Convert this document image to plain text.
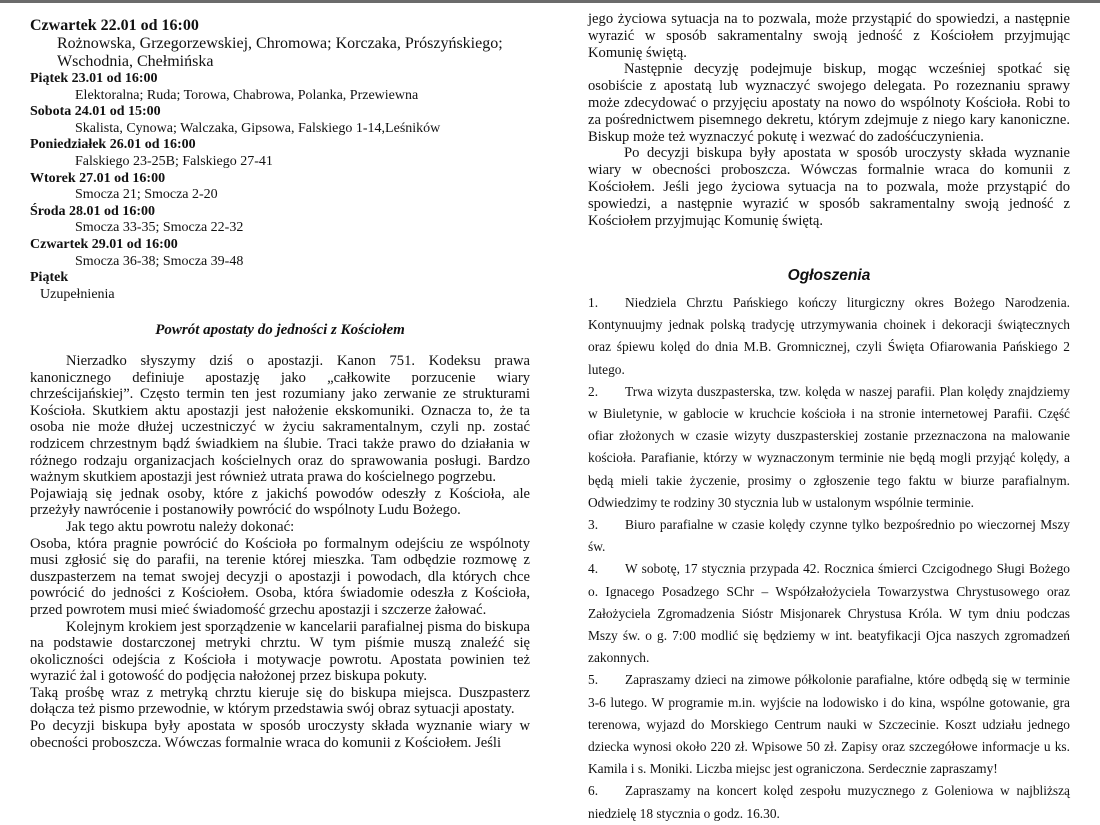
Czwartek 22.01 od 16:00
Rożnowska, Grzegorzewskiej, Chromowa; Korczaka, Prószyńskiego;
Wschodnia, Chełmińska
Piątek 23.01 od 16:00
Elektoralna; Ruda; Torowa, Chabrowa, Polanka, Przewiewna
Sobota 24.01 od 15:00
Skalista, Cynowa; Walczaka, Gipsowa, Falskiego 1-14,Leśników
Poniedziałek 26.01 od 16:00
Falskiego 23-25B; Falskiego 27-41
Wtorek 27.01 od 16:00
Smocza 21; Smocza 2-20
Środa 28.01 od 16:00
Smocza 33-35; Smocza 22-32
Czwartek 29.01 od 16:00
Smocza 36-38; Smocza 39-48
Piątek
Uzupełnienia
Powrót apostaty do jedności z Kościołem

Nierzadko słyszymy dziś o apostazji. Kanon 751. Kodeksu prawa kanonicznego definiuje apostazję jako „całkowite porzucenie wiary chrześcijańskiej”. Często termin ten jest rozumiany jako zerwanie ze strukturami Kościoła. Skutkiem aktu apostazji jest nałożenie ekskomuniki. Oznacza to, że ta osoba nie może dłużej uczestniczyć w życiu sakramentalnym, czyli np. zostać rodzicem chrzestnym bądź świadkiem na ślubie. Traci także prawo do działania w różnego rodzaju organizacjach kościelnych oraz do sprawowania posługi. Bardzo ważnym skutkiem apostazji jest również utrata prawa do kościelnego pogrzebu.

Pojawiają się jednak osoby, które z jakichś powodów odeszły z Kościoła, ale przeżyły nawrócenie i postanowiły powrócić do wspólnoty Ludu Bożego.

Jak tego aktu powrotu należy dokonać:

Osoba, która pragnie powrócić do Kościoła po formalnym odejściu ze wspólnoty musi zgłosić się do parafii, na terenie której mieszka. Tam odbędzie rozmowę z duszpasterzem na temat swojej decyzji o apostazji i powodach, dla których chce powrócić do jedności z Kościołem. Osoba, która świadomie odeszła z Kościoła, przed powrotem musi mieć świadomość grzechu apostazji i szczerze żałować.

Kolejnym krokiem jest sporządzenie w kancelarii parafialnej pisma do biskupa na podstawie dostarczonej metryki chrztu. W tym piśmie muszą znaleźć się okoliczności odejścia z Kościoła i motywacje powrotu. Apostata powinien też wyrazić żal i gotowość do podjęcia nałożonej przez biskupa pokuty.

Taką prośbę wraz z metryką chrztu kieruje się do biskupa miejsca. Duszpasterz dołącza też pismo przewodnie, w którym przedstawia swój obraz sytuacji apostaty.

Po decyzji biskupa były apostata w sposób uroczysty składa wyznanie wiary w obecności proboszcza. Wówczas formalnie wraca do komunii z Kościołem. Jeśli

jego życiowa sytuacja na to pozwala, może przystąpić do spowiedzi, a następnie wyrazić w sposób sakramentalny swoją jedność z Kościołem przyjmując Komunię świętą.

Następnie decyzję podejmuje biskup, mogąc wcześniej spotkać się osobiście z apostatą lub wyznaczyć swojego delegata. Po rozeznaniu sprawy może zdecydować o przyjęciu apostaty na nowo do wspólnoty Kościoła. Robi to za pośrednictwem pisemnego dekretu, którym zdejmuje z niego kary kanoniczne. Biskup może też wyznaczyć pokutę i wezwać do zadośćuczynienia.

Po decyzji biskupa były apostata w sposób uroczysty składa wyznanie wiary w obecności proboszcza. Wówczas formalnie wraca do komunii z Kościołem. Jeśli jego życiowa sytuacja na to pozwala, może przystąpić do spowiedzi, a następnie wyrazić w sposób sakramentalny swoją jedność z Kościołem przyjmując Komunię świętą.

Ogłoszenia

1. Niedziela Chrztu Pańskiego kończy liturgiczny okres Bożego Narodzenia. Kontynuujmy jednak polską tradycję utrzymywania choinek i dekoracji świątecznych oraz śpiewu kolęd do dnia M.B. Gromnicznej, czyli Święta Ofiarowania Pańskiego 2 lutego.

2. Trwa wizyta duszpasterska, tzw. kolęda w naszej parafii. Plan kolędy znajdziemy w Biuletynie, w gablocie w kruchcie kościoła i na stronie internetowej Parafii. Część ofiar złożonych w czasie wizyty duszpasterskiej zostanie przeznaczona na malowanie kościoła. Parafianie, którzy w wyznaczonym terminie nie będą mogli przyjąć kolędy, a będą mieli takie życzenie, prosimy o zgłoszenie tego faktu w biurze parafialnym. Odwiedzimy te rodziny 30 stycznia lub w ustalonym wspólnie terminie.

3. Biuro parafialne w czasie kolędy czynne tylko bezpośrednio po wieczornej Mszy św.

4. W sobotę, 17 stycznia przypada 42. Rocznica śmierci Czcigodnego Sługi Bożego o. Ignacego Posadzego SChr – Współzałożyciela Towarzystwa Chrystusowego oraz Założyciela Zgromadzenia Sióstr Misjonarek Chrystusa Króla. W tym dniu podczas Mszy św. o g. 7:00 modlić się będziemy w int. beatyfikacji Ojca naszych zgromadzeń zakonnych.

5. Zapraszamy dzieci na zimowe półkolonie parafialne, które odbędą się w terminie 3-6 lutego. W programie m.in. wyjście na lodowisko i do kina, wspólne gotowanie, gra terenowa, wyjazd do Morskiego Centrum nauki w Szczecinie. Koszt udziału jednego dziecka wynosi około 220 zł. Wpisowe 50 zł. Zapisy oraz szczegółowe informacje u ks. Kamila i s. Moniki. Liczba miejsc jest ograniczona. Serdecznie zapraszamy!

6. Zapraszamy na koncert kolęd zespołu muzycznego z Goleniowa w najbliższą niedzielę 18 stycznia o godz. 16.30.
